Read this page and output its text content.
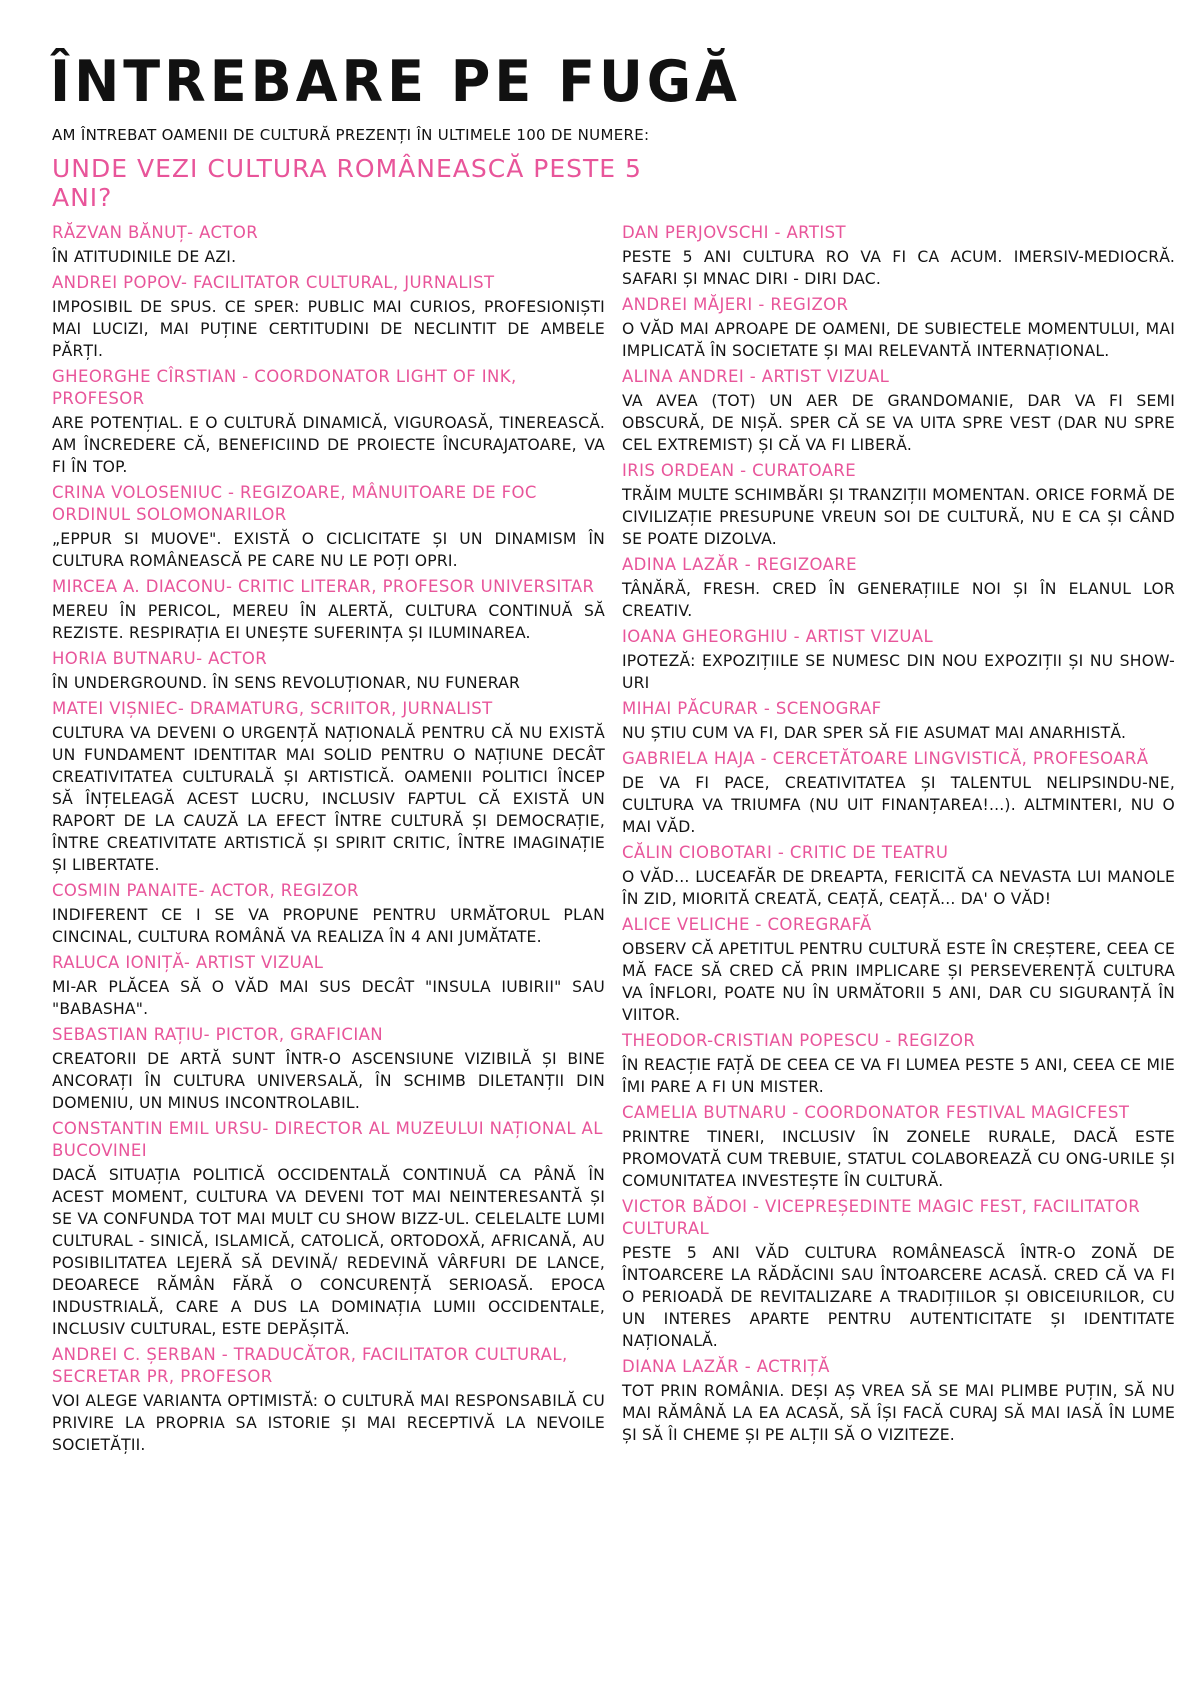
ÎNTREBARE PE FUGĂ
AM ÎNTREBAT OAMENII DE CULTURĂ PREZENȚI ÎN ULTIMELE 100 DE NUMERE:
UNDE VEZI CULTURA ROMÂNEASCĂ PESTE 5 ANI?
RĂZVAN BĂNUȚ- ACTOR
ÎN ATITUDINILE DE AZI.
ANDREI POPOV- FACILITATOR CULTURAL, JURNALIST
IMPOSIBIL DE SPUS. CE SPER: PUBLIC MAI CURIOS, PROFESIONIȘTI MAI LUCIZI, MAI PUȚINE CERTITUDINI DE NECLINTIT DE AMBELE PĂRȚI.
GHEORGHE CÎRSTIAN - COORDONATOR LIGHT OF INK, PROFESOR
ARE POTENȚIAL. E O CULTURĂ DINAMICĂ, VIGUROASĂ, TINEREASCĂ. AM ÎNCREDERE CĂ, BENEFICIIND DE PROIECTE ÎNCURAJATOARE, VA FI ÎN TOP.
CRINA VOLOSENIUC - REGIZOARE, MÂNUITOARE DE FOC ORDINUL SOLOMONARILOR
„EPPUR SI MUOVE". EXISTĂ O CICLICITATE ȘI UN DINAMISM ÎN CULTURA ROMÂNEASCĂ PE CARE NU LE POȚI OPRI.
MIRCEA A. DIACONU- CRITIC LITERAR, PROFESOR UNIVERSITAR
MEREU ÎN PERICOL, MEREU ÎN ALERTĂ, CULTURA CONTINUĂ SĂ REZISTE. RESPIRAȚIA EI UNEȘTE SUFERINȚA ȘI ILUMINAREA.
HORIA BUTNARU- ACTOR
ÎN UNDERGROUND. ÎN SENS REVOLUȚIONAR, NU FUNERAR
MATEI VIȘNIEC- DRAMATURG, SCRIITOR, JURNALIST
CULTURA VA DEVENI O URGENȚĂ NAȚIONALĂ PENTRU CĂ NU EXISTĂ UN FUNDAMENT IDENTITAR MAI SOLID PENTRU O NAȚIUNE DECÂT CREATIVITATEA CULTURALĂ ȘI ARTISTICĂ. OAMENII POLITICI ÎNCEP SĂ ÎNȚELEAGĂ ACEST LUCRU, INCLUSIV FAPTUL CĂ EXISTĂ UN RAPORT DE LA CAUZĂ LA EFECT ÎNTRE CULTURĂ ȘI DEMOCRAȚIE, ÎNTRE CREATIVITATE ARTISTICĂ ȘI SPIRIT CRITIC, ÎNTRE IMAGINAȚIE ȘI LIBERTATE.
COSMIN PANAITE- ACTOR, REGIZOR
INDIFERENT CE I SE VA PROPUNE PENTRU URMĂTORUL PLAN CINCINAL, CULTURA ROMÂNĂ VA REALIZA ÎN 4 ANI JUMĂTATE.
RALUCA IONIȚĂ- ARTIST VIZUAL
MI-AR PLĂCEA SĂ O VĂD MAI SUS DECÂT "INSULA IUBIRII" SAU "BABASHA".
SEBASTIAN RAȚIU- PICTOR, GRAFICIAN
CREATORII DE ARTĂ SUNT ÎNTR-O ASCENSIUNE VIZIBILĂ ȘI BINE ANCORAȚI ÎN CULTURA UNIVERSALĂ, ÎN SCHIMB DILETANȚII DIN DOMENIU, UN MINUS INCONTROLABIL.
CONSTANTIN EMIL URSU- DIRECTOR AL MUZEULUI NAȚIONAL AL BUCOVINEI
DACĂ SITUAȚIA POLITICĂ OCCIDENTALĂ CONTINUĂ CA PÂNĂ ÎN ACEST MOMENT, CULTURA VA DEVENI TOT MAI NEINTERESANTĂ ȘI SE VA CONFUNDA TOT MAI MULT CU SHOW BIZZ-UL. CELELALTE LUMI CULTURAL - SINICĂ, ISLAMICĂ, CATOLICĂ, ORTODOXĂ, AFRICANĂ, AU POSIBILITATEA LEJERĂ SĂ DEVINĂ/ REDEVINĂ VÂRFURI DE LANCE, DEOARECE RĂMÂN FĂRĂ O CONCURENȚĂ SERIOASĂ. EPOCA INDUSTRIALĂ, CARE A DUS LA DOMINAȚIA LUMII OCCIDENTALE, INCLUSIV CULTURAL, ESTE DEPĂȘITĂ.
ANDREI C. ȘERBAN - TRADUCĂTOR, FACILITATOR CULTURAL, SECRETAR PR, PROFESOR
VOI ALEGE VARIANTA OPTIMISTĂ: O CULTURĂ MAI RESPONSABILĂ CU PRIVIRE LA PROPRIA SA ISTORIE ȘI MAI RECEPTIVĂ LA NEVOILE SOCIETĂȚII.
DAN PERJOVSCHI - ARTIST
PESTE 5 ANI CULTURA RO VA FI CA ACUM. IMERSIV-MEDIOCRĂ. SAFARI ȘI MNAC DIRI - DIRI DAC.
ANDREI MĂJERI - REGIZOR
O VĂD MAI APROAPE DE OAMENI, DE SUBIECTELE MOMENTULUI, MAI IMPLICATĂ ÎN SOCIETATE ȘI MAI RELEVANTĂ INTERNAȚIONAL.
ALINA ANDREI - ARTIST VIZUAL
VA AVEA (TOT) UN AER DE GRANDOMANIE, DAR VA FI SEMI OBSCURĂ, DE NIȘĂ. SPER CĂ SE VA UITA SPRE VEST (DAR NU SPRE CEL EXTREMIST) ȘI CĂ VA FI LIBERĂ.
IRIS ORDEAN - CURATOARE
TRĂIM MULTE SCHIMBĂRI ȘI TRANZIȚII MOMENTAN. ORICE FORMĂ DE CIVILIZAȚIE PRESUPUNE VREUN SOI DE CULTURĂ, NU E CA ȘI CÂND SE POATE DIZOLVA.
ADINA LAZĂR - REGIZOARE
TÂNĂRĂ, FRESH. CRED ÎN GENERAȚIILE NOI ȘI ÎN ELANUL LOR CREATIV.
IOANA GHEORGHIU - ARTIST VIZUAL
IPOTEZĂ: EXPOZIȚIILE SE NUMESC DIN NOU EXPOZIȚII ȘI NU SHOW-URI
MIHAI PĂCURAR - SCENOGRAF
NU ȘTIU CUM VA FI, DAR SPER SĂ FIE ASUMAT MAI ANARHISTĂ.
GABRIELA HAJA - CERCETĂTOARE LINGVISTICĂ, PROFESOARĂ
DE VA FI PACE, CREATIVITATEA ȘI TALENTUL NELIPSINDU-NE, CULTURA VA TRIUMFA (NU UIT FINANȚAREA!...). ALTMINTERI, NU O MAI VĂD.
CĂLIN CIOBOTARI - CRITIC DE TEATRU
O VĂD... LUCEAFĂR DE DREAPTA, FERICITĂ CA NEVASTA LUI MANOLE ÎN ZID, MIORITĂ CREATĂ, CEAȚĂ, CEAȚĂ... DA' O VĂD!
ALICE VELICHE - COREGRAFĂ
OBSERV CĂ APETITUL PENTRU CULTURĂ ESTE ÎN CREȘTERE, CEEA CE MĂ FACE SĂ CRED CĂ PRIN IMPLICARE ȘI PERSEVERENȚĂ CULTURA VA ÎNFLORI, POATE NU ÎN URMĂTORII 5 ANI, DAR CU SIGURANȚĂ ÎN VIITOR.
THEODOR-CRISTIAN POPESCU - REGIZOR
ÎN REACȚIE FAȚĂ DE CEEA CE VA FI LUMEA PESTE 5 ANI, CEEA CE MIE ÎMI PARE A FI UN MISTER.
CAMELIA BUTNARU - COORDONATOR FESTIVAL MAGICFEST
PRINTRE TINERI, INCLUSIV ÎN ZONELE RURALE, DACĂ ESTE PROMOVATĂ CUM TREBUIE, STATUL COLABOREAZĂ CU ONG-URILE ȘI COMUNITATEA INVESTEȘTE ÎN CULTURĂ.
VICTOR BĂDOI - VICEPREȘEDINTE MAGIC FEST, FACILITATOR CULTURAL
PESTE 5 ANI VĂD CULTURA ROMÂNEASCĂ ÎNTR-O ZONĂ DE ÎNTOARCERE LA RĂDĂCINI SAU ÎNTOARCERE ACASĂ. CRED CĂ VA FI O PERIOADĂ DE REVITALIZARE A TRADIȚIILOR ȘI OBICEIURILOR, CU UN INTERES APARTE PENTRU AUTENTICITATE ȘI IDENTITATE NAȚIONALĂ.
DIANA LAZĂR - ACTRIȚĂ
TOT PRIN ROMÂNIA. DEȘI AȘ VREA SĂ SE MAI PLIMBE PUȚIN, SĂ NU MAI RĂMÂNĂ LA EA ACASĂ, SĂ ÎȘI FACĂ CURAJ SĂ MAI IASĂ ÎN LUME ȘI SĂ ÎI CHEME ȘI PE ALȚII SĂ O VIZITEZE.
